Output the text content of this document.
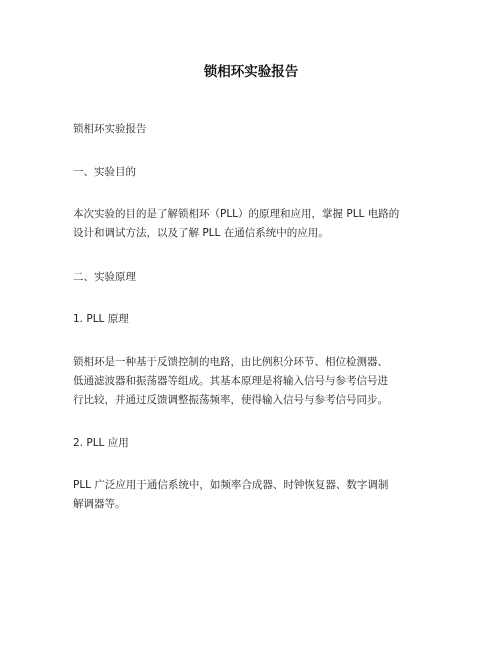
锁相环实验报告

锁相环实验报告

一、实验目的

本次实验的目的是了解锁相环（PLL）的原理和应用，掌握 PLL 电路的
设计和调试方法，以及了解 PLL 在通信系统中的应用。

二、实验原理

1. PLL 原理

锁相环是一种基于反馈控制的电路，由比例积分环节、相位检测器、
低通滤波器和振荡器等组成。其基本原理是将输入信号与参考信号进
行比较，并通过反馈调整振荡频率，使得输入信号与参考信号同步。

2. PLL 应用

PLL 广泛应用于通信系统中，如频率合成器、时钟恢复器、数字调制
解调器等。
